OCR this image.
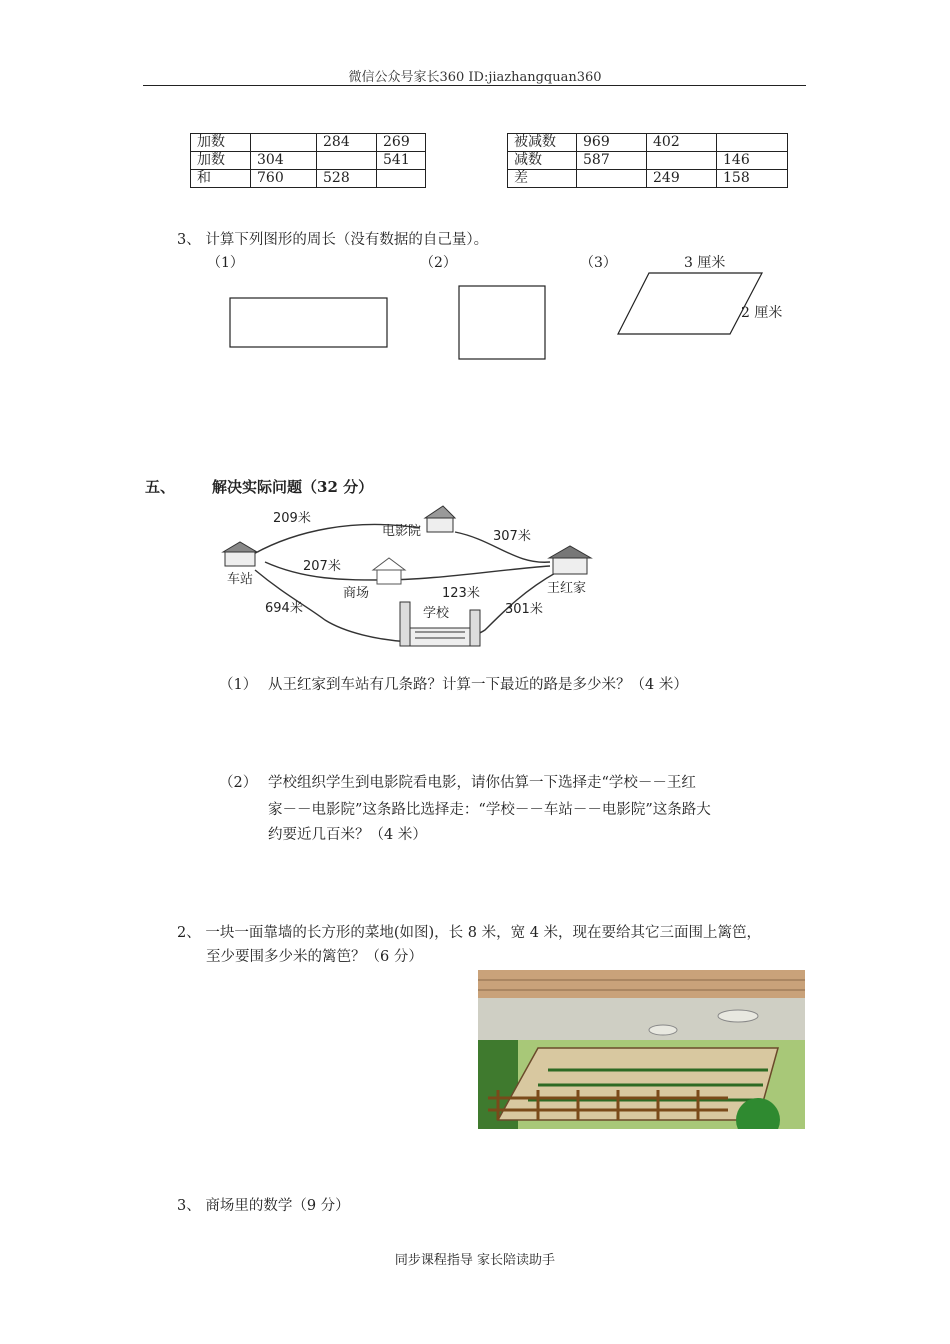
微信公众号家长360 ID:jiazhangquan360
加数		284	269
加数	304		541
和	760	528	
被减数	969	402	
减数	587		146
差		249	158
3、 计算下列图形的周长（没有数据的自己量）。
（1）	（2）	（3）	3 厘米
2 厘米
五、 解决实际问题（32 分）
209米
电影院	307米
207米
车站
商场	123米	王红家
694米	学校	301米
（1） 从王红家到车站有几条路？计算一下最近的路是多少米？（4 米）
（2） 学校组织学生到电影院看电影，请你估算一下选择走“学校－－王红
家－－电影院”这条路比选择走：“学校－－车站－－电影院”这条路大
约要近几百米？（4 米）
2、 一块一面靠墙的长方形的菜地(如图)，长 8 米，宽 4 米，现在要给其它三面围上篱笆，
至少要围多少米的篱笆？（6 分）
3、 商场里的数学（9 分）
同步课程指导 家长陪读助手
